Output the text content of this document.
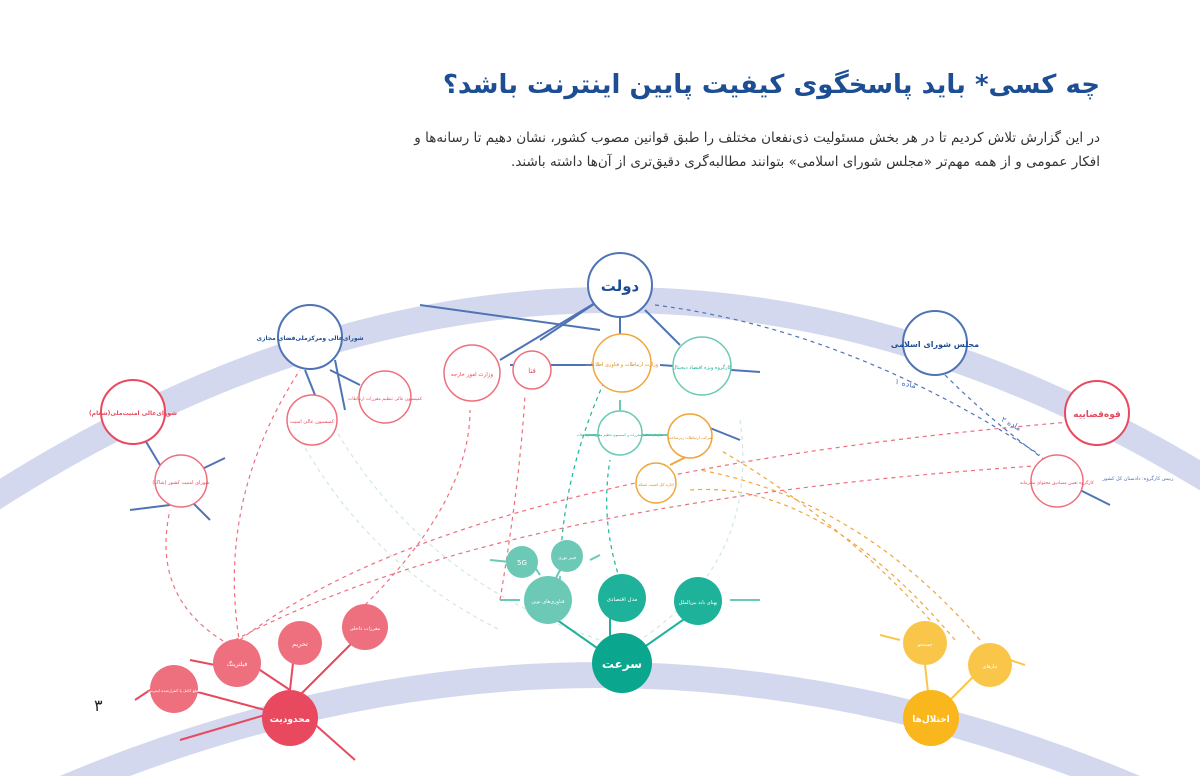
چه کسی* باید پاسخگوی کیفیت پایین اینترنت باشد؟

در این گزارش تلاش کردیم تا در هر بخش مسئولیت ذی‌نفعان مختلف را طبق قوانین مصوب کشور، نشان دهیم تا رسانه‌ها و
افکار عمومی و از همه مهم‌تر «مجلس شورای اسلامی» بتوانند مطالبه‌گری دقیق‌تری از آن‌ها داشته باشند.

۳
ماده ۱
ماده ۲
دولت
مجلس شورای اسلامی
شورای‌عالی ومرکزملی‌فضای مجازی
شورای‌عالی امنیت‌ملی(شعام)
شورای امنیت کشور (شاک)
کمیسیون عالی تنظیم مقررات ارتباطات
کمیسیون عالی امنیت
وزارت امور خارجه	فتا
قوه‌قضاییه
کارگروه تعیین مصادیق محتوای مجرمانه
رییس کارگروه: دادستان کل کشور
وزارت ارتباطات و فناوری اطلاعات	کارگروه ویژه اقتصاد دیجیتال
سازمان تنظیم مقررات و کمیسیون تنظیم مقررات ارتباطات شرکت ارتباطات زیرساخت
اداره کل امنیت شبکه
5G
فیبر نوری
فناوری‌های نوین	مدل اقتصادی	پهنای باند بین‌الملل
سرعت
قطع کامل یا کنترل‌شده اینترنت
فیلترینگ
تحریم
مقررات داخلی
محدودیت
جستجو
نیازهای
اختلال‌ها
